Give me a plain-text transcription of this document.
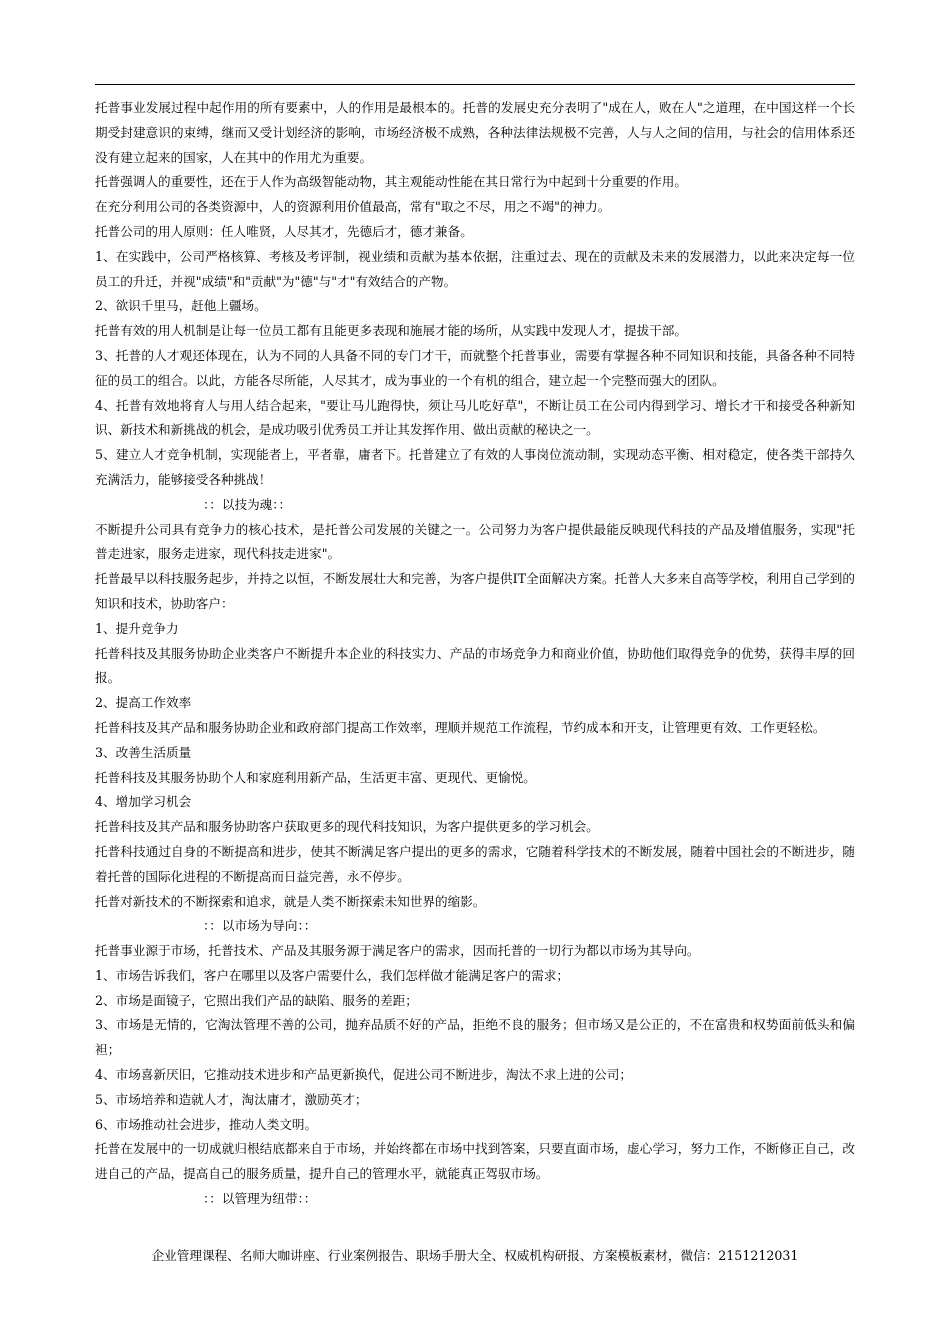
托普事业发展过程中起作用的所有要素中，人的作用是最根本的。托普的发展史充分表明了"成在人，败在人"之道理，在中国这样一个长期受封建意识的束缚，继而又受计划经济的影响，市场经济极不成熟，各种法律法规极不完善，人与人之间的信用，与社会的信用体系还没有建立起来的国家，人在其中的作用尤为重要。

托普强调人的重要性，还在于人作为高级智能动物，其主观能动性能在其日常行为中起到十分重要的作用。

在充分利用公司的各类资源中，人的资源利用价值最高，常有"取之不尽，用之不竭"的神力。

托普公司的用人原则：任人唯贤，人尽其才，先德后才，德才兼备。

1、在实践中，公司严格核算、考核及考评制，视业绩和贡献为基本依据，注重过去、现在的贡献及未来的发展潜力，以此来决定每一位员工的升迁，并视"成绩"和"贡献"为"德"与"才"有效结合的产物。

2、欲识千里马，赶他上疆场。

托普有效的用人机制是让每一位员工都有且能更多表现和施展才能的场所，从实践中发现人才，提拔干部。

3、托普的人才观还体现在，认为不同的人具备不同的专门才干，而就整个托普事业，需要有掌握各种不同知识和技能，具备各种不同特征的员工的组合。以此，方能各尽所能，人尽其才，成为事业的一个有机的组合，建立起一个完整而强大的团队。

4、托普有效地将育人与用人结合起来，"要让马儿跑得快，须让马儿吃好草"，不断让员工在公司内得到学习、增长才干和接受各种新知识、新技术和新挑战的机会，是成功吸引优秀员工并让其发挥作用、做出贡献的秘诀之一。

5、建立人才竞争机制，实现能者上，平者靠，庸者下。托普建立了有效的人事岗位流动制，实现动态平衡、相对稳定，使各类干部持久充满活力，能够接受各种挑战！

：：以技为魂：：

不断提升公司具有竞争力的核心技术，是托普公司发展的关键之一。公司努力为客户提供最能反映现代科技的产品及增值服务，实现"托普走进家，服务走进家，现代科技走进家"。

托普最早以科技服务起步，并持之以恒，不断发展壮大和完善，为客户提供IT全面解决方案。托普人大多来自高等学校，利用自己学到的知识和技术，协助客户：

1、提升竞争力

托普科技及其服务协助企业类客户不断提升本企业的科技实力、产品的市场竞争力和商业价值，协助他们取得竞争的优势，获得丰厚的回报。

2、提高工作效率

托普科技及其产品和服务协助企业和政府部门提高工作效率，理顺并规范工作流程，节约成本和开支，让管理更有效、工作更轻松。

3、改善生活质量

托普科技及其服务协助个人和家庭利用新产品，生活更丰富、更现代、更愉悦。

4、增加学习机会

托普科技及其产品和服务协助客户获取更多的现代科技知识，为客户提供更多的学习机会。

托普科技通过自身的不断提高和进步，使其不断满足客户提出的更多的需求，它随着科学技术的不断发展，随着中国社会的不断进步，随着托普的国际化进程的不断提高而日益完善，永不停步。

托普对新技术的不断探索和追求，就是人类不断探索未知世界的缩影。

：：以市场为导向：：

托普事业源于市场，托普技术、产品及其服务源于满足客户的需求，因而托普的一切行为都以市场为其导向。

1、市场告诉我们，客户在哪里以及客户需要什么，我们怎样做才能满足客户的需求；

2、市场是面镜子，它照出我们产品的缺陷、服务的差距；

3、市场是无情的，它淘汰管理不善的公司，抛弃品质不好的产品，拒绝不良的服务；但市场又是公正的，不在富贵和权势面前低头和偏袒；

4、市场喜新厌旧，它推动技术进步和产品更新换代，促进公司不断进步，淘汰不求上进的公司；

5、市场培养和造就人才，淘汰庸才，激励英才；

6、市场推动社会进步，推动人类文明。

托普在发展中的一切成就归根结底都来自于市场，并始终都在市场中找到答案，只要直面市场，虚心学习，努力工作，不断修正自己，改进自己的产品，提高自己的服务质量，提升自己的管理水平，就能真正驾驭市场。

：：以管理为纽带：：

企业管理课程、名师大咖讲座、行业案例报告、职场手册大全、权威机构研报、方案模板素材，微信：2151212031
